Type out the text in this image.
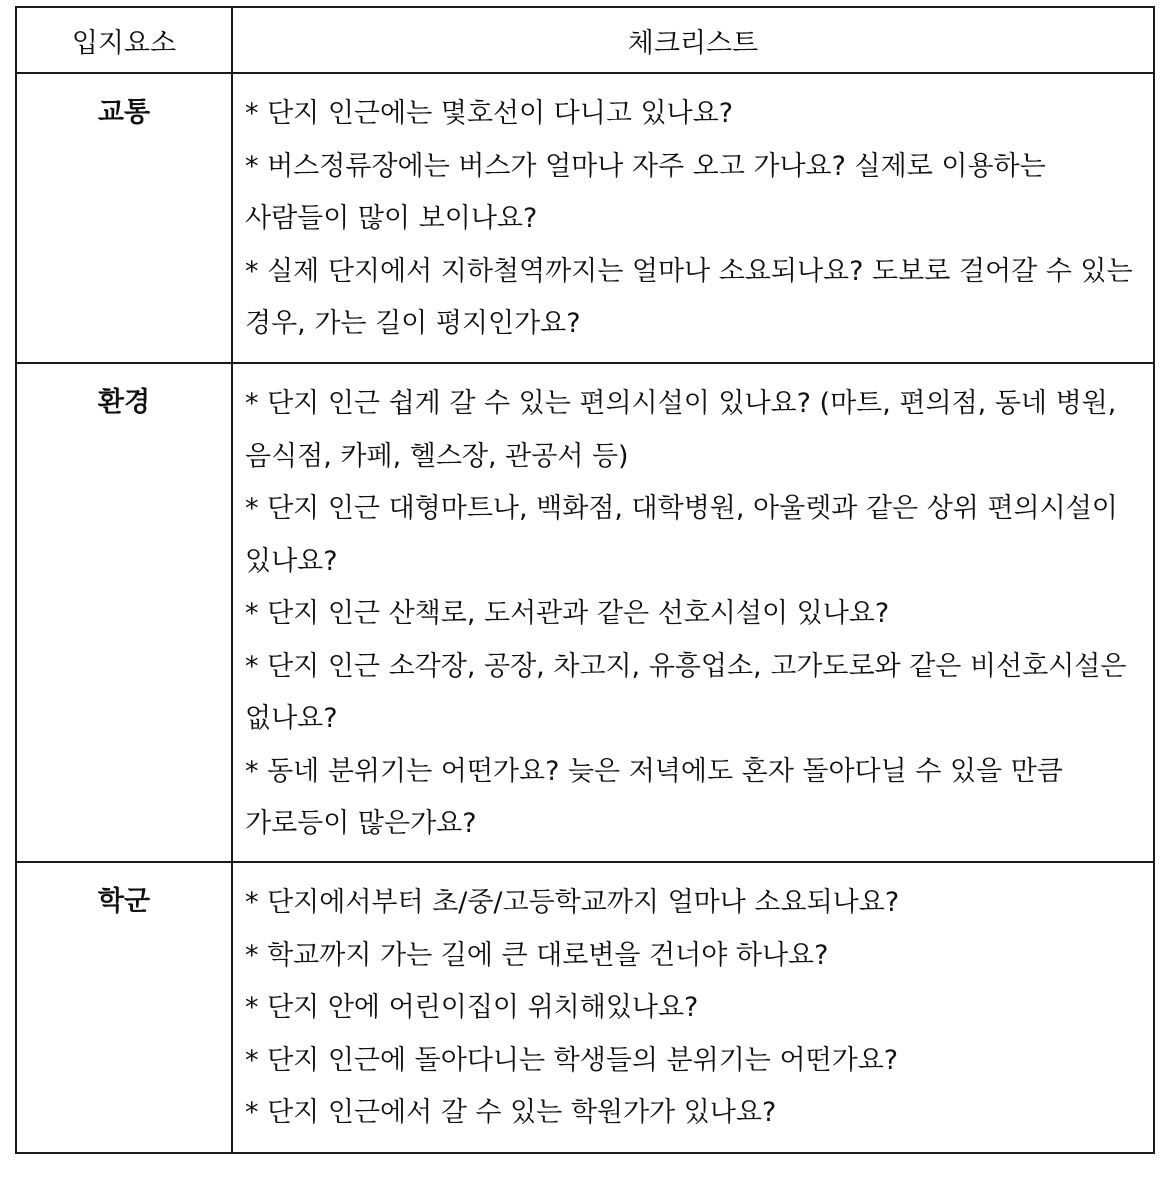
입지요소	체크리스트
교통	* 단지 인근에는 몇호선이 다니고 있나요?
* 버스정류장에는 버스가 얼마나 자주 오고 가나요? 실제로 이용하는 사람들이 많이 보이나요?
* 실제 단지에서 지하철역까지는 얼마나 소요되나요? 도보로 걸어갈 수 있는 경우, 가는 길이 평지인가요?
환경	* 단지 인근 쉽게 갈 수 있는 편의시설이 있나요? (마트, 편의점, 동네 병원, 음식점, 카페, 헬스장, 관공서 등)
* 단지 인근 대형마트나, 백화점, 대학병원, 아울렛과 같은 상위 편의시설이 있나요?
* 단지 인근 산책로, 도서관과 같은 선호시설이 있나요?
* 단지 인근 소각장, 공장, 차고지, 유흥업소, 고가도로와 같은 비선호시설은 없나요?
* 동네 분위기는 어떤가요? 늦은 저녁에도 혼자 돌아다닐 수 있을 만큼 가로등이 많은가요?
학군	* 단지에서부터 초/중/고등학교까지 얼마나 소요되나요?
* 학교까지 가는 길에 큰 대로변을 건너야 하나요?
* 단지 안에 어린이집이 위치해있나요?
* 단지 인근에 돌아다니는 학생들의 분위기는 어떤가요?
* 단지 인근에서 갈 수 있는 학원가가 있나요?
